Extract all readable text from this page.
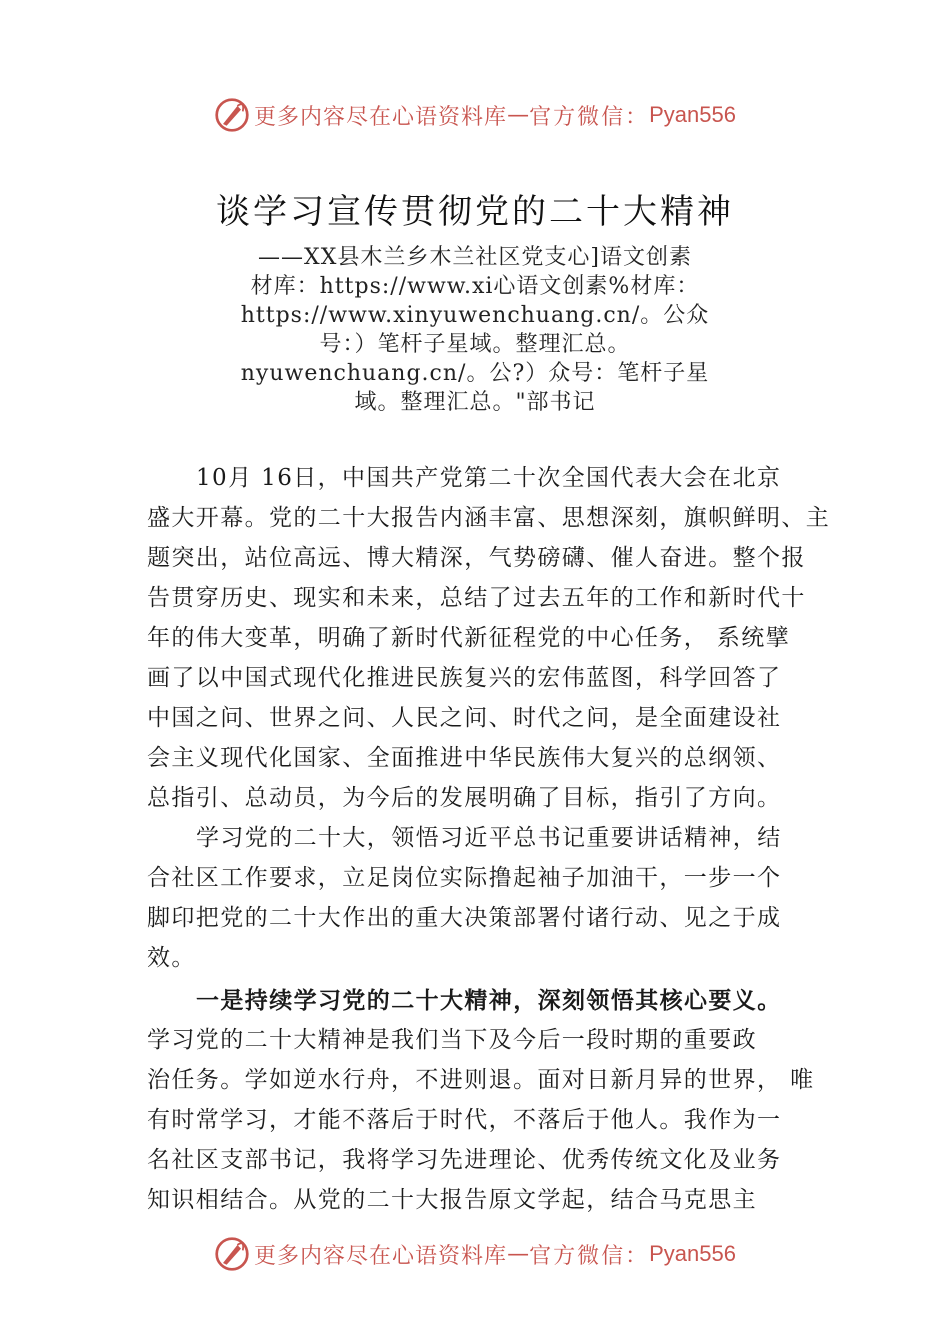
更多内容尽在心语资料库 — 官方微信： Pyan556
谈学习宣传贯彻党的二十大精神
——XX县木兰乡木兰社区党支心]语文创素
材库：https://www.xi心语文创素%材库：
https://www.xinyuwenchuang.cn/。公众
号：）笔杆子星域。整理汇总。
nyuwenchuang.cn/。公?）众号：笔杆子星
域。整理汇总。"部书记
10月 16日，中国共产党第二十次全国代表大会在北京
盛大开幕。党的二十大报告内涵丰富、思想深刻，旗帜鲜明、主
题突出，站位高远、博大精深，气势磅礴、催人奋进。整个报
告贯穿历史、现实和未来，总结了过去五年的工作和新时代十
年的伟大变革，明确了新时代新征程党的中心任务， 系统擘
画了以中国式现代化推进民族复兴的宏伟蓝图，科学回答了
中国之问、世界之问、人民之问、时代之问，是全面建设社
会主义现代化国家、全面推进中华民族伟大复兴的总纲领、
总指引、总动员，为今后的发展明确了目标，指引了方向。
学习党的二十大，领悟习近平总书记重要讲话精神，结
合社区工作要求，立足岗位实际撸起袖子加油干，一步一个
脚印把党的二十大作出的重大决策部署付诸行动、见之于成
效。
一是持续学习党的二十大精神，深刻领悟其核心要义。
学习党的二十大精神是我们当下及今后一段时期的重要政
治任务。学如逆水行舟，不进则退。面对日新月异的世界， 唯
有时常学习，才能不落后于时代，不落后于他人。我作为一
名社区支部书记，我将学习先进理论、优秀传统文化及业务
知识相结合。从党的二十大报告原文学起，结合马克思主
更多内容尽在心语资料库 — 官方微信： Pyan556
